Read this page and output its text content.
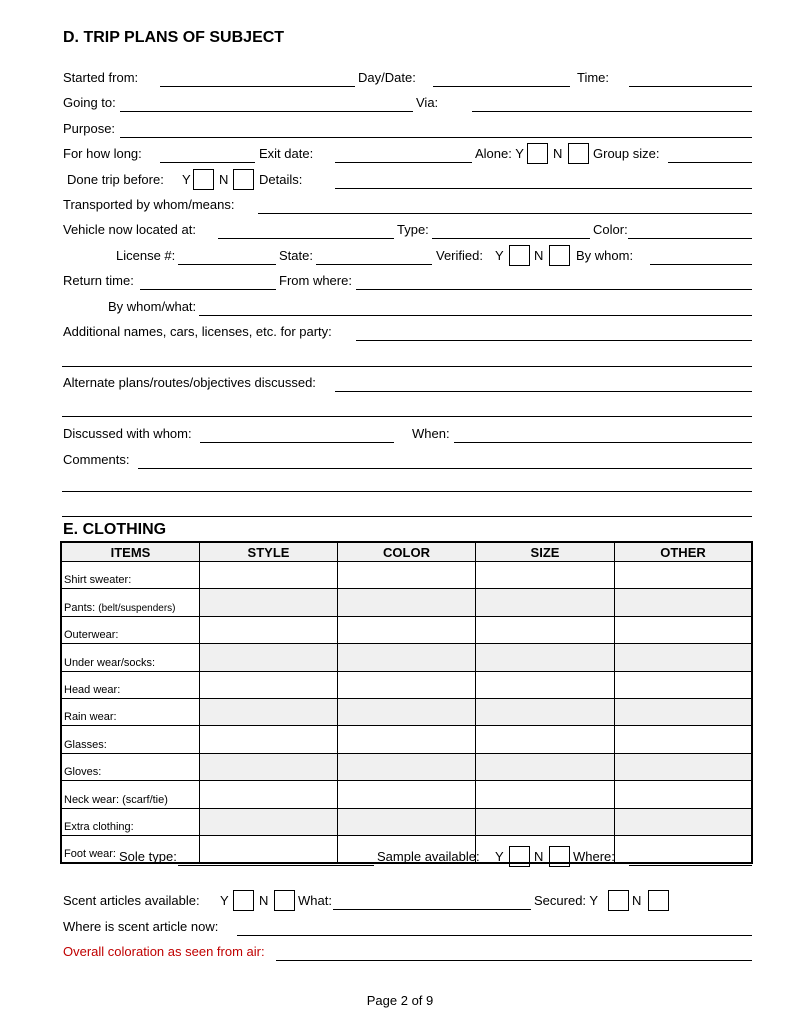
D. TRIP PLANS OF SUBJECT
Started from:	Day/Date:	Time:
Going to:	Via:
Purpose:
For how long:	Exit date:	Alone: Y N Group size:
Done trip before: Y N Details:
Transported by whom/means:
Vehicle now located at:	Type:	Color:
License #:	State:	Verified: Y N	By whom:
Return time:	From where:
By whom/what:
Additional names, cars, licenses, etc. for party:
Alternate plans/routes/objectives discussed:
Discussed with whom:	When:
Comments:
E. CLOTHING
ITEMS	STYLE	COLOR	SIZE	OTHER
Shirt sweater:				
Pants: (belt/suspenders)				
Outerwear:				
Under wear/socks:				
Head wear:				
Rain wear:				
Glasses:				
Gloves:				
Neck wear: (scarf/tie)				
Extra clothing:				
Foot wear:				Sole type:	Sample available: Y N Where:
Scent articles available: Y N What:	Secured: Y	N
Where is scent article now:
Overall coloration as seen from air:
Page 2 of 9
